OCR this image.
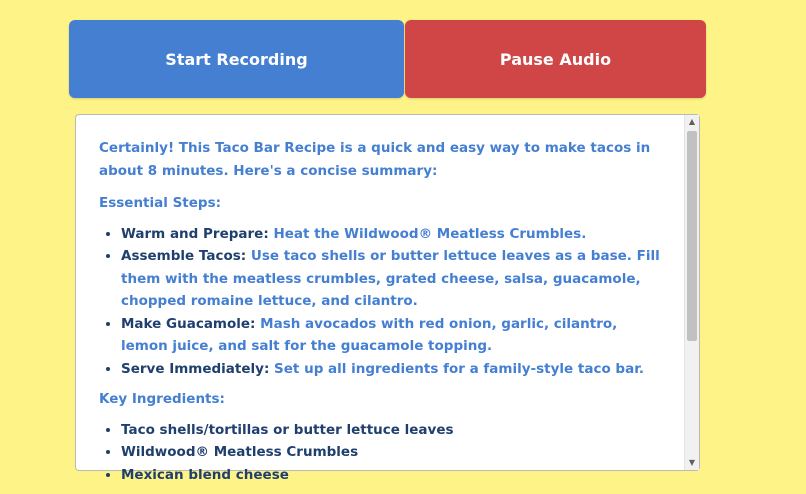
Start Recording	Pause Audio

Certainly! This Taco Bar Recipe is a quick and easy way to make tacos in about 8 minutes. Here's a concise summary:

Essential Steps:

• Warm and Prepare: Heat the Wildwood® Meatless Crumbles.
• Assemble Tacos: Use taco shells or butter lettuce leaves as a base. Fill them with the meatless crumbles, grated cheese, salsa, guacamole, chopped romaine lettuce, and cilantro.
• Make Guacamole: Mash avocados with red onion, garlic, cilantro, lemon juice, and salt for the guacamole topping.
• Serve Immediately: Set up all ingredients for a family-style taco bar.

Key Ingredients:

• Taco shells/tortillas or butter lettuce leaves
• Wildwood® Meatless Crumbles
• Mexican blend cheese
▲
▼
